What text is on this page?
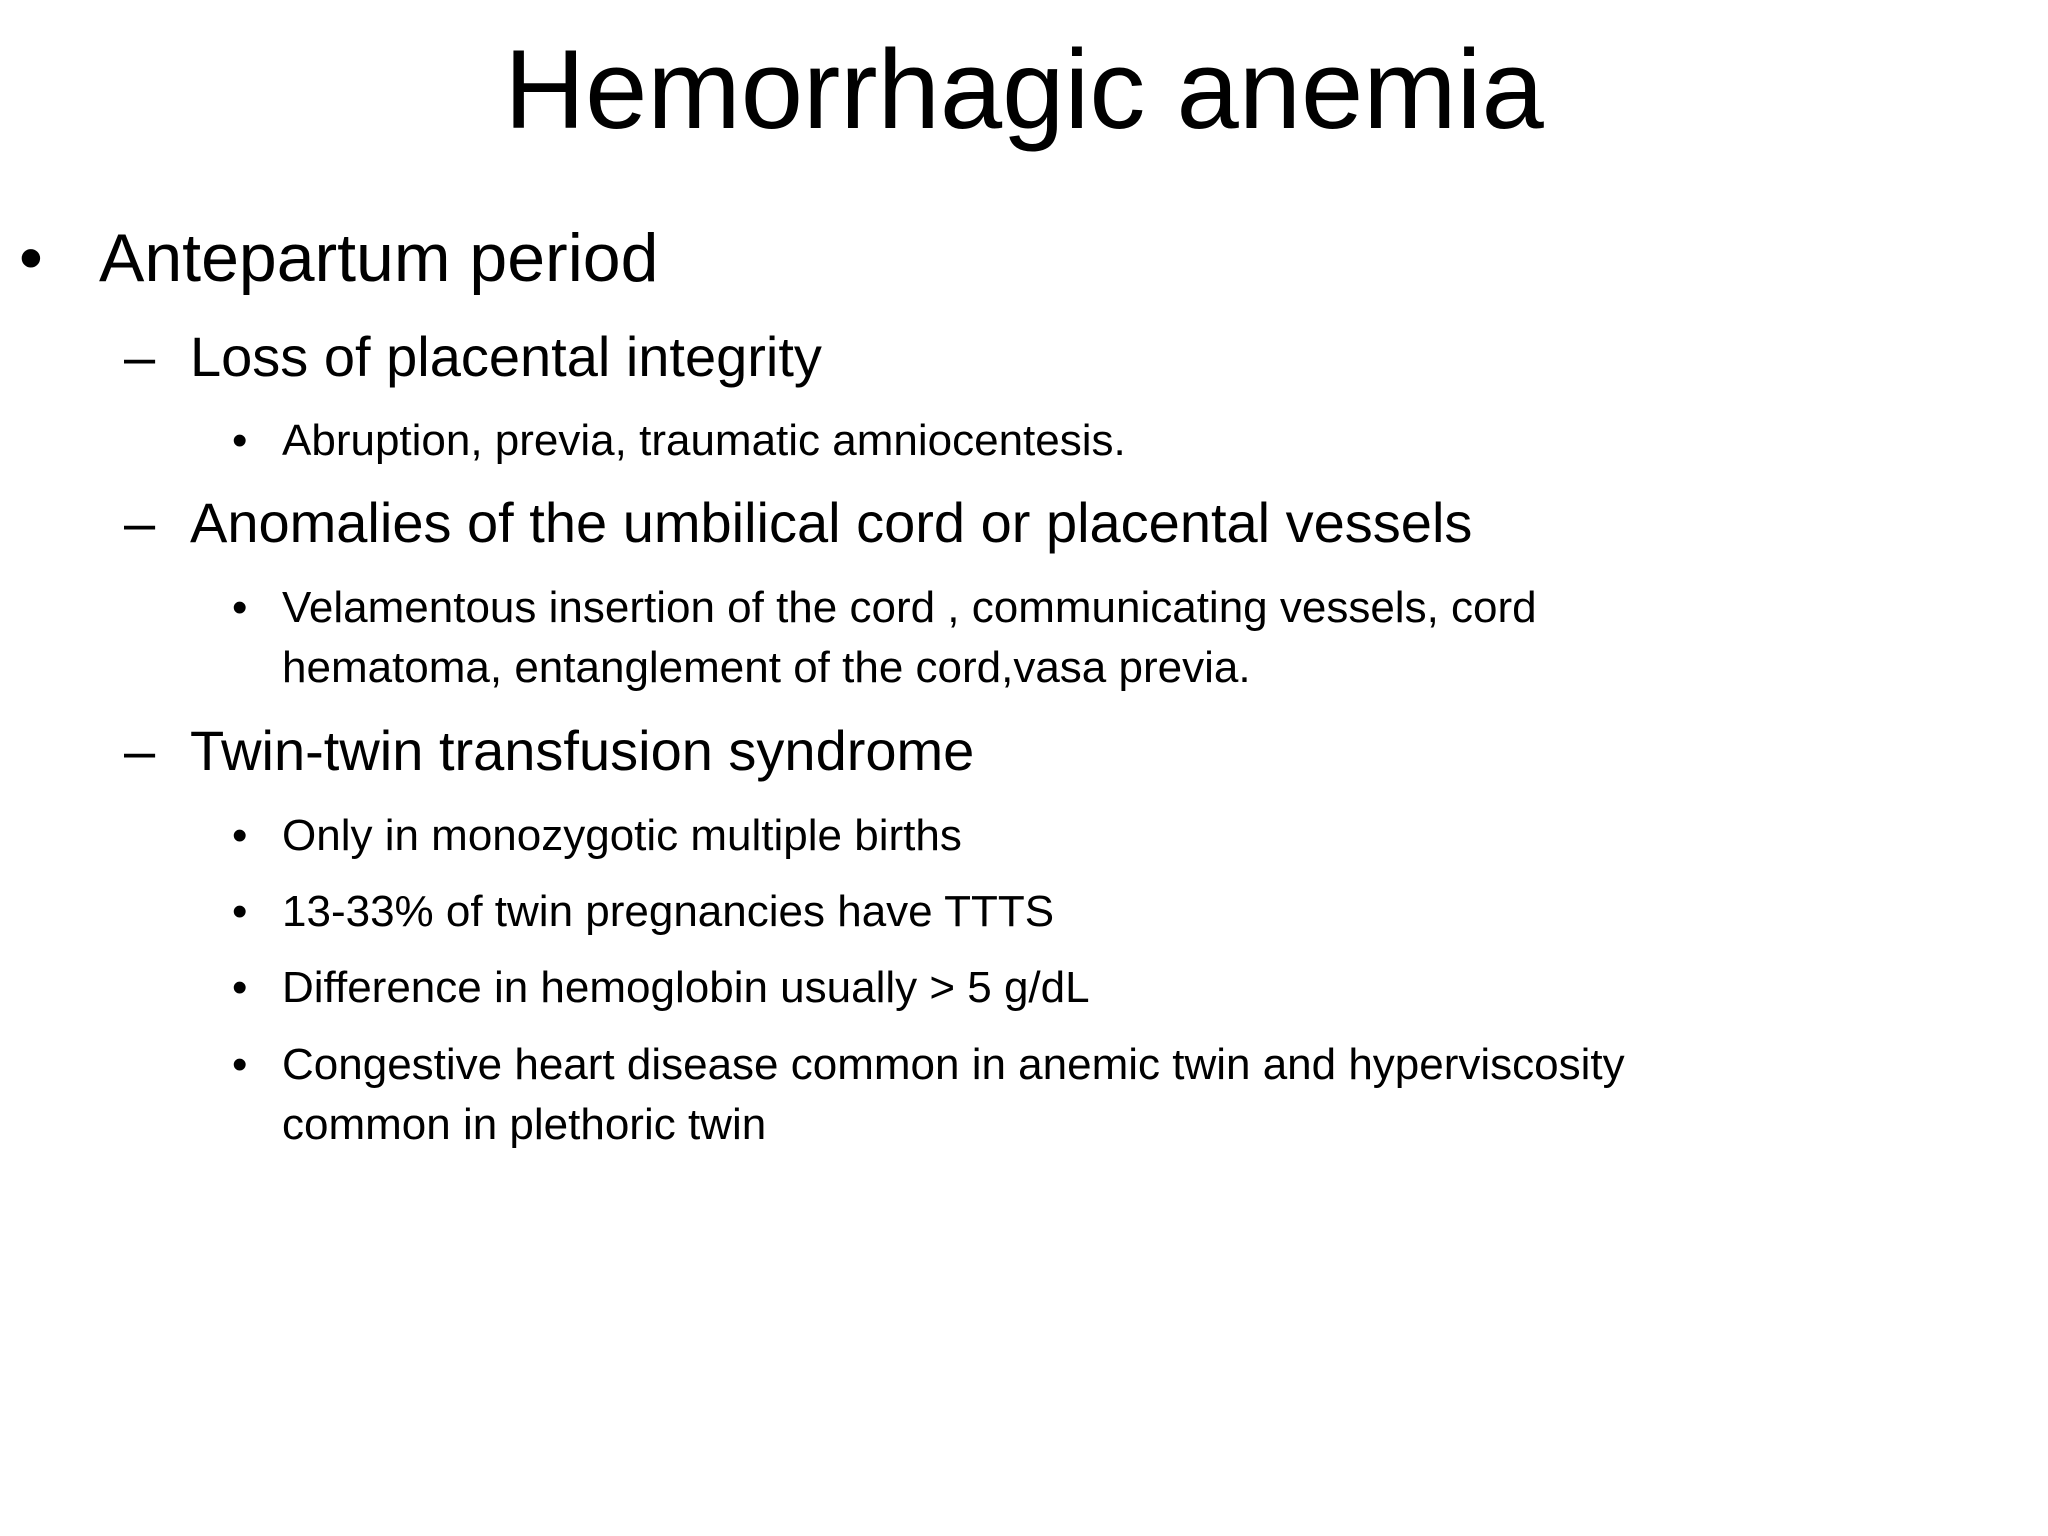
Hemorrhagic anemia
• Antepartum period
– Loss of placental integrity
• Abruption, previa, traumatic amniocentesis.
– Anomalies of the umbilical cord or placental vessels
• Velamentous insertion of the cord , communicating vessels, cord
hematoma, entanglement of the cord,vasa previa.
– Twin-twin transfusion syndrome
• Only in monozygotic multiple births
• 13-33% of twin pregnancies have TTTS
• Difference in hemoglobin usually > 5 g/dL
• Congestive heart disease common in anemic twin and hyperviscosity
common in plethoric twin
